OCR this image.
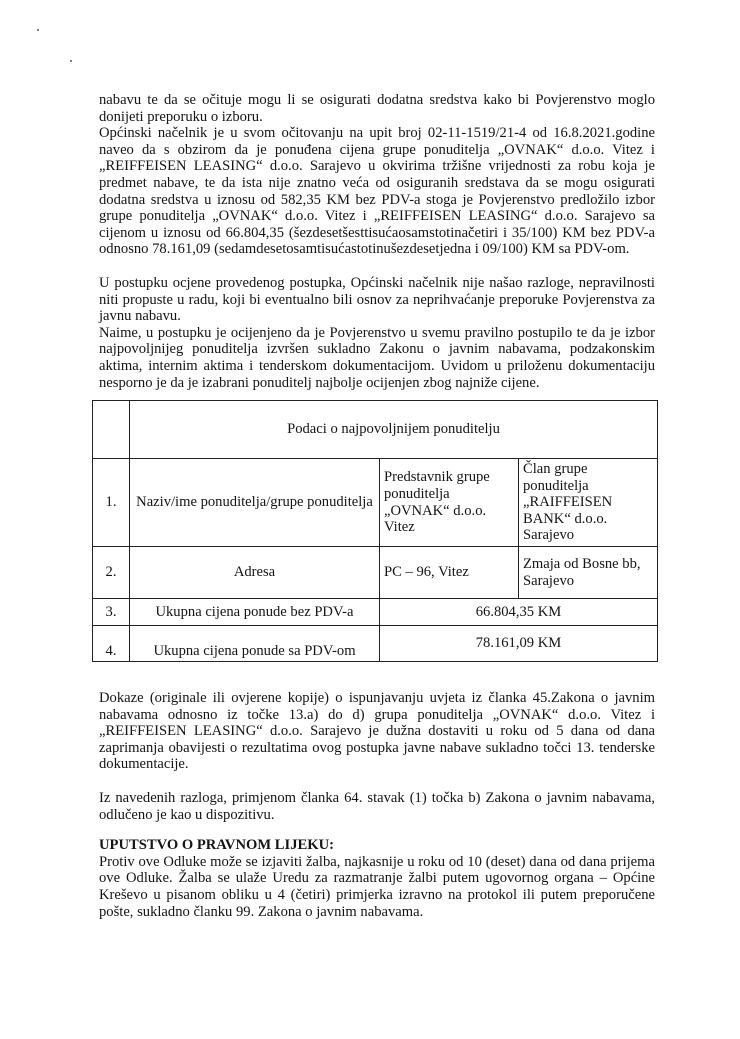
nabavu te da se očituje mogu li se osigurati dodatna sredstva kako bi Povjerenstvo moglo donijeti preporuku o izboru.

Općinski načelnik je u svom očitovanju na upit broj 02-11-1519/21-4 od 16.8.2021.godine naveo da s obzirom da je ponuđena cijena grupe ponuditelja „OVNAK“ d.o.o. Vitez i „REIFFEISEN LEASING“ d.o.o. Sarajevo u okvirima tržišne vrijednosti za robu koja je predmet nabave, te da ista nije znatno veća od osiguranih sredstava da se mogu osigurati dodatna sredstva u iznosu od 582,35 KM bez PDV-a stoga je Povjerenstvo predložilo izbor grupe ponuditelja „OVNAK“ d.o.o. Vitez i „REIFFEISEN LEASING“ d.o.o. Sarajevo sa cijenom u iznosu od 66.804,35 (šezdesetšesttisućaosamstotinačetiri i 35/100) KM bez PDV-a odnosno 78.161,09 (sedamdesetosamtisućastotinušezdesetjedna i 09/100) KM sa PDV-om.

U postupku ocjene provedenog postupka, Općinski načelnik nije našao razloge, nepravilnosti niti propuste u radu, koji bi eventualno bili osnov za neprihvaćanje preporuke Povjerenstva za javnu nabavu.

Naime, u postupku je ocijenjeno da je Povjerenstvo u svemu pravilno postupilo te da je izbor najpovoljnijeg ponuditelja izvršen sukladno Zakonu o javnim nabavama, podzakonskim aktima, internim aktima i tenderskom dokumentacijom. Uvidom u priloženu dokumentaciju nesporno je da je izabrani ponuditelj najbolje ocijenjen zbog najniže cijene.

	Podaci o najpovoljnijem ponuditelju		
1.	Naziv/ime ponuditelja/grupe ponuditelja	Predstavnik grupe ponuditelja „OVNAK“ d.o.o. Vitez	Član grupe ponuditelja „RAIFFEISEN BANK“ d.o.o. Sarajevo
2.	Adresa	PC – 96, Vitez	Zmaja od Bosne bb, Sarajevo
3.	Ukupna cijena ponude bez PDV-a	66.804,35 KM	
4.	Ukupna cijena ponude sa PDV-om	78.161,09 KM	

Dokaze (originale ili ovjerene kopije) o ispunjavanju uvjeta iz članka 45.Zakona o javnim nabavama odnosno iz točke 13.a) do d) grupa ponuditelja „OVNAK“ d.o.o. Vitez i „REIFFEISEN LEASING“ d.o.o. Sarajevo je dužna dostaviti u roku od 5 dana od dana zaprimanja obavijesti o rezultatima ovog postupka javne nabave sukladno točci 13. tenderske dokumentacije.

Iz navedenih razloga, primjenom članka 64. stavak (1) točka b) Zakona o javnim nabavama, odlučeno je kao u dispozitivu.

UPUTSTVO O PRAVNOM LIJEKU:

Protiv ove Odluke može se izjaviti žalba, najkasnije u roku od 10 (deset) dana od dana prijema ove Odluke. Žalba se ulaže Uredu za razmatranje žalbi putem ugovornog organa – Općine Kreševo u pisanom obliku u 4 (četiri) primjerka izravno na protokol ili putem preporučene pošte, sukladno članku 99. Zakona o javnim nabavama.
